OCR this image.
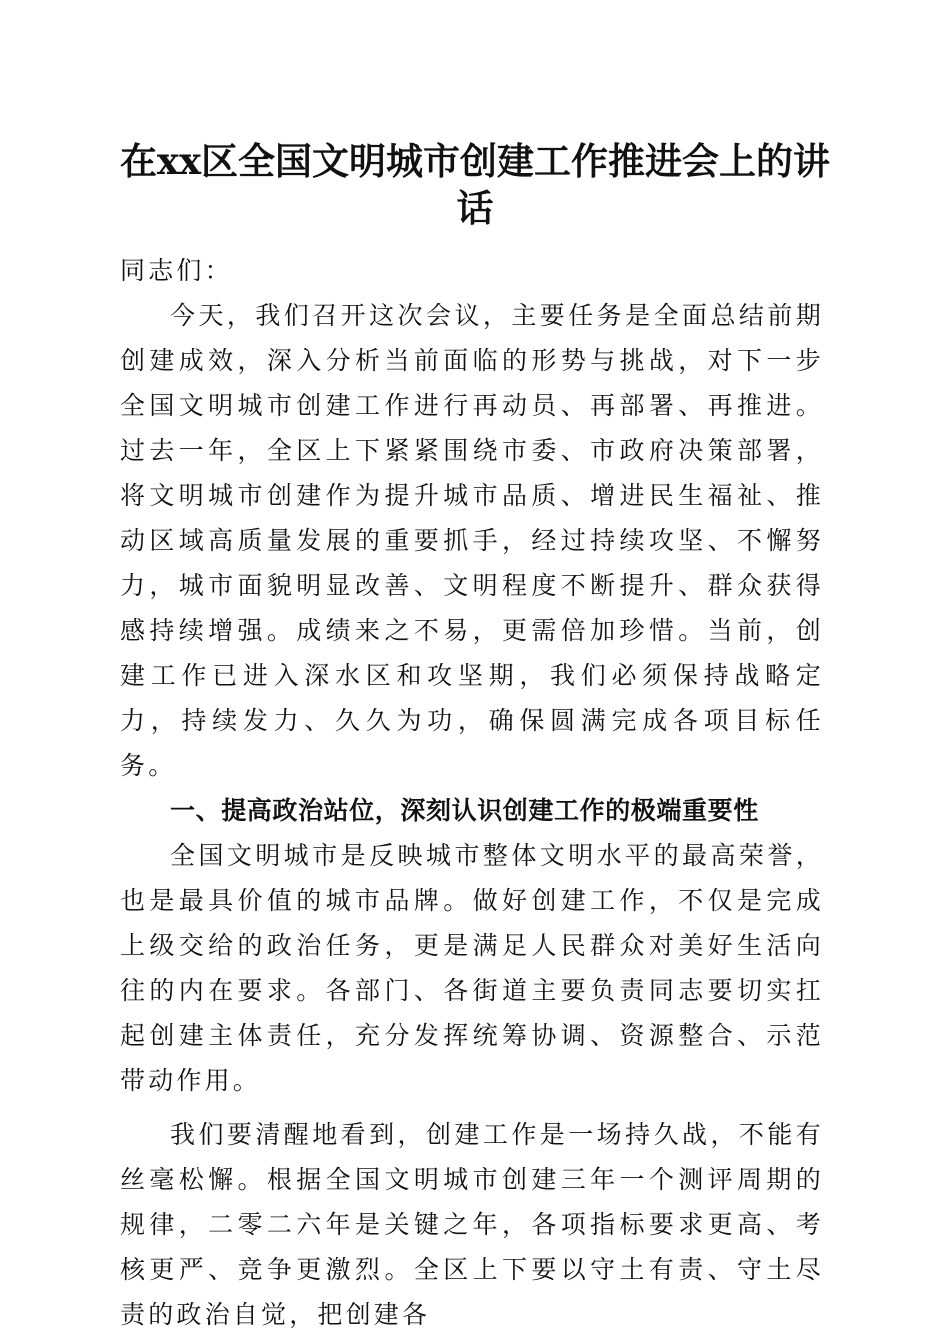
在xx区全国文明城市创建工作推进会上的讲话

同志们：

今天，我们召开这次会议，主要任务是全面总结前期创建成效，深入分析当前面临的形势与挑战，对下一步全国文明城市创建工作进行再动员、再部署、再推进。过去一年，全区上下紧紧围绕市委、市政府决策部署，将文明城市创建作为提升城市品质、增进民生福祉、推动区域高质量发展的重要抓手，经过持续攻坚、不懈努力，城市面貌明显改善、文明程度不断提升、群众获得感持续增强。成绩来之不易，更需倍加珍惜。当前，创建工作已进入深水区和攻坚期，我们必须保持战略定力，持续发力、久久为功，确保圆满完成各项目标任务。

一、提高政治站位，深刻认识创建工作的极端重要性

全国文明城市是反映城市整体文明水平的最高荣誉，也是最具价值的城市品牌。做好创建工作，不仅是完成上级交给的政治任务，更是满足人民群众对美好生活向往的内在要求。各部门、各街道主要负责同志要切实扛起创建主体责任，充分发挥统筹协调、资源整合、示范带动作用。

我们要清醒地看到，创建工作是一场持久战，不能有丝毫松懈。根据全国文明城市创建三年一个测评周期的规律，二零二六年是关键之年，各项指标要求更高、考核更严、竞争更激烈。全区上下要以守土有责、守土尽责的政治自觉，把创建各
